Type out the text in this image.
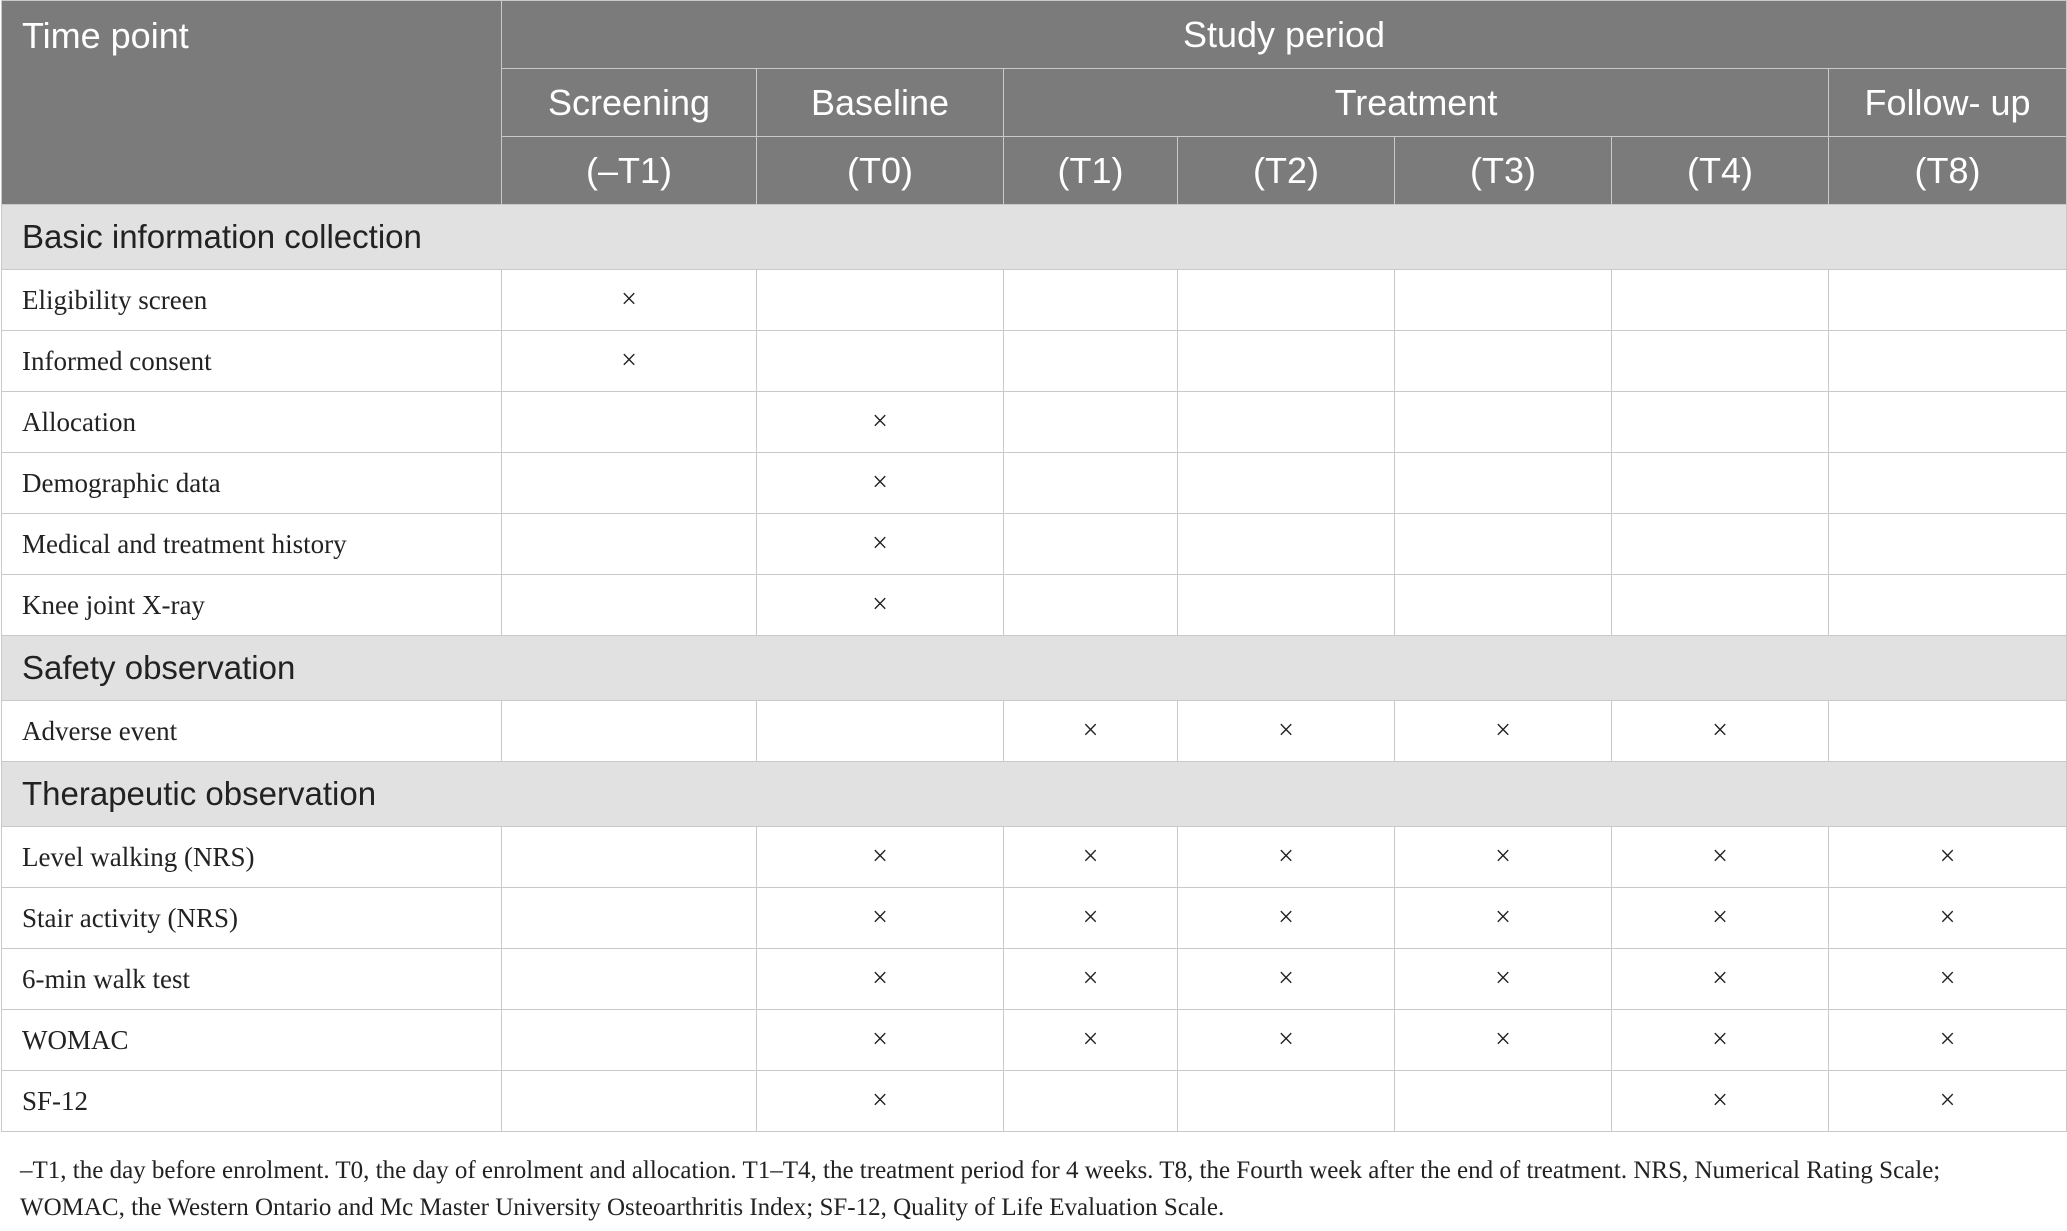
Time point	Study period						
	Screening	Baseline	Treatment				Follow- up
	(–T1)	(T0)	(T1)	(T2)	(T3)	(T4)	(T8)
Basic information collection							
Eligibility screen	×						
Informed consent	×						
Allocation		×					
Demographic data		×					
Medical and treatment history		×					
Knee joint X-ray		×					
Safety observation							
Adverse event			×	×	×	×	
Therapeutic observation							
Level walking (NRS)		×	×	×	×	×	×
Stair activity (NRS)		×	×	×	×	×	×
6-min walk test		×	×	×	×	×	×
WOMAC		×	×	×	×	×	×
SF-12		×				×	×
–T1, the day before enrolment. T0, the day of enrolment and allocation. T1–T4, the treatment period for 4 weeks. T8, the Fourth week after the end of treatment. NRS, Numerical Rating Scale; WOMAC, the Western Ontario and Mc Master University Osteoarthritis Index; SF-12, Quality of Life Evaluation Scale.
